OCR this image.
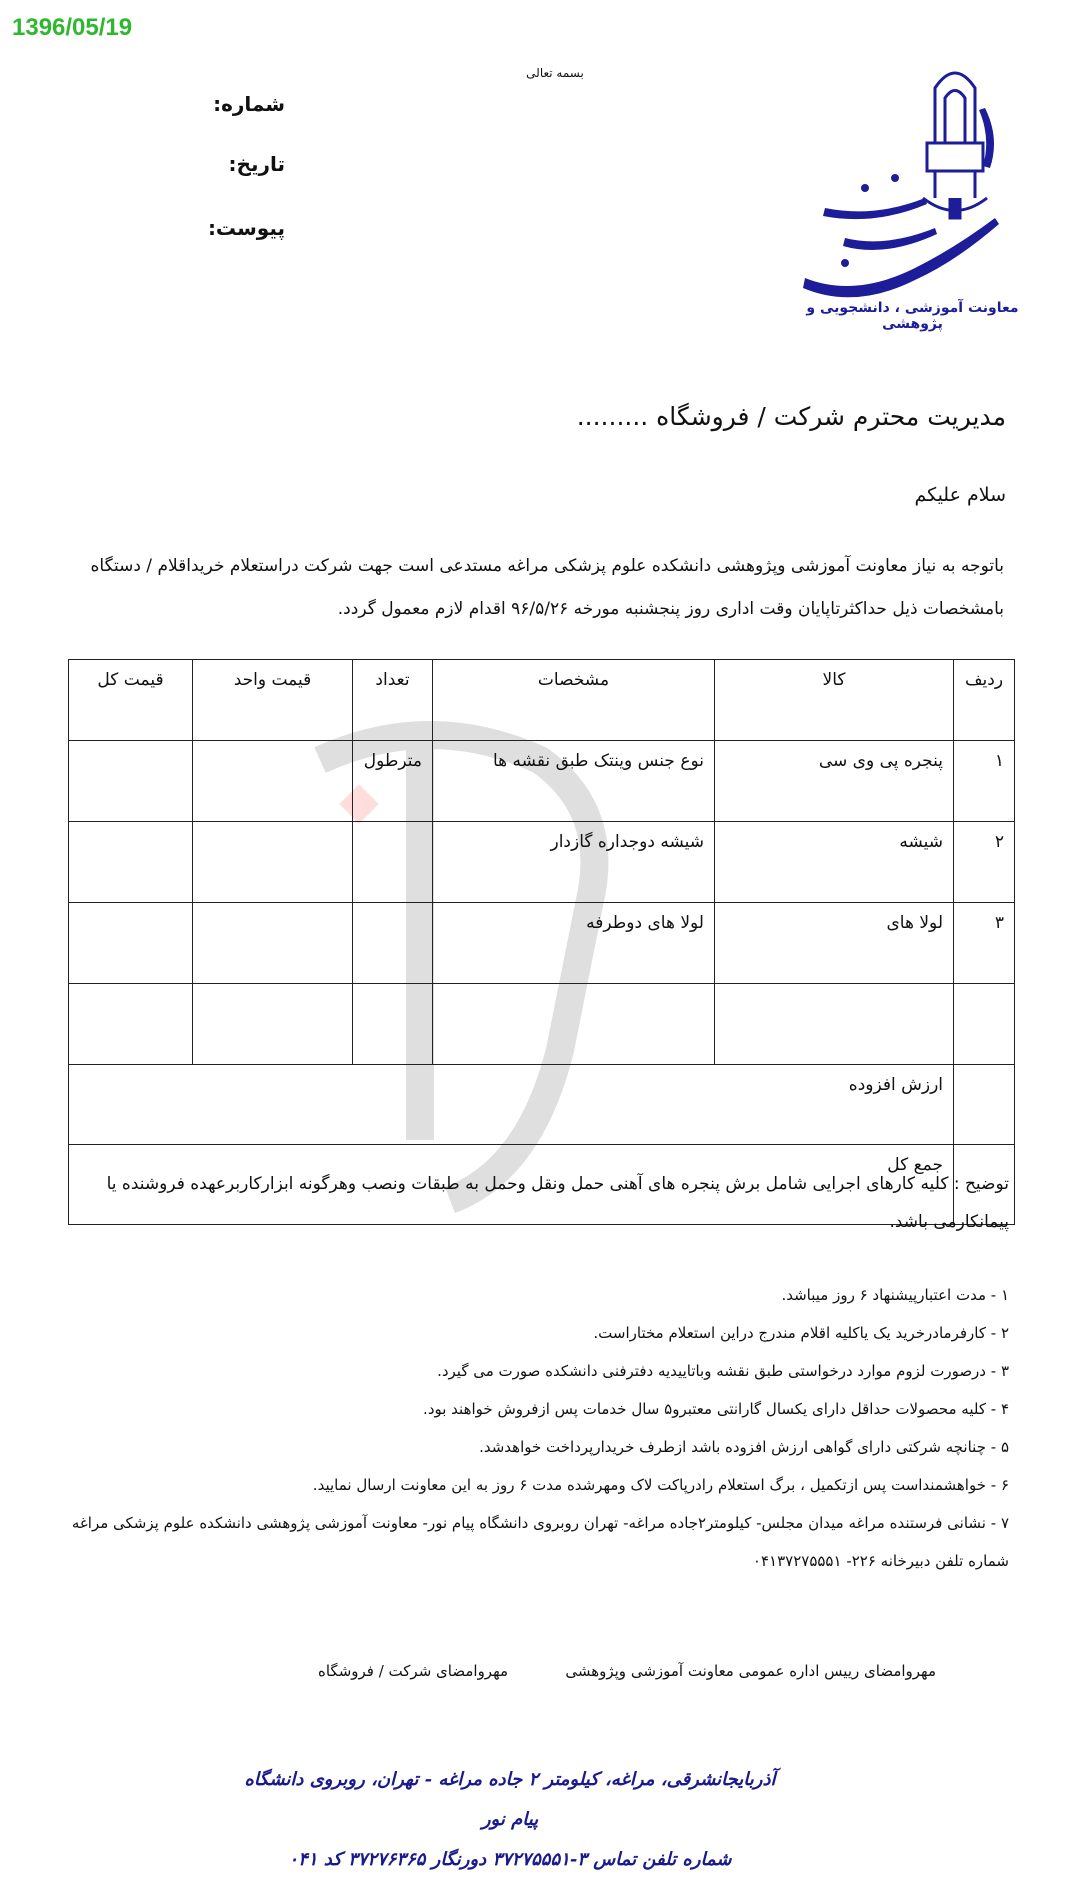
1396/05/19
بسمه تعالی
شماره:
تاریخ:
پیوست:
معاونت آموزشی ، دانشجویی و پژوهشی
مدیریت محترم شرکت / فروشگاه .........
سلام علیکم
باتوجه به نیاز معاونت آموزشی وپژوهشی دانشکده علوم پزشکی مراغه مستدعی است جهت شرکت دراستعلام خریداقلام / دستگاه بامشخصات ذیل حداکثرتاپایان وقت اداری روز پنجشنبه مورخه ۹۶/۵/۲۶ اقدام لازم معمول گردد.
ردیف	کالا	مشخصات	تعداد	قیمت واحد	قیمت کل
۱	پنجره پی وی سی	نوع جنس وینتک طبق نقشه ها	مترطول		
۲	شیشه	شیشه دوجداره گازدار			
۳	لولا های	لولا های دوطرفه			

	ارزش افزوده				
	جمع کل				
توضیح : کلیه کارهای اجرایی شامل برش پنجره های آهنی حمل ونقل وحمل به طبقات ونصب وهرگونه ابزارکاربرعهده فروشنده یا پیمانکارمی باشد.
۱ - مدت اعتبارپیشنهاد ۶ روز میباشد.
۲ - کارفرمادرخرید یک یاکلیه اقلام مندرج دراین استعلام مختاراست.
۳ - درصورت لزوم موارد درخواستی طبق نقشه وباتاییدیه دفترفنی دانشکده صورت می گیرد.
۴ - کلیه محصولات حداقل دارای یکسال گارانتی معتبرو۵ سال خدمات پس ازفروش خواهند بود.
۵ - چنانچه شرکتی دارای گواهی ارزش افزوده باشد ازطرف خریدارپرداخت خواهدشد.
۶ - خواهشمنداست پس ازتکمیل ، برگ استعلام رادرپاکت لاک ومهرشده مدت ۶ روز به این معاونت ارسال نمایید.
۷ - نشانی فرستنده مراغه میدان مجلس- کیلومتر۲جاده مراغه- تهران روبروی دانشگاه پیام نور- معاونت آموزشی پژوهشی دانشکده علوم پزشکی مراغه شماره تلفن دبیرخانه ۲۲۶- ۰۴۱۳۷۲۷۵۵۵۱
مهروامضای رییس اداره عمومی معاونت آموزشی وپژوهشی
مهروامضای شرکت / فروشگاه
آذربایجانشرقی، مراغه، کیلومتر ۲ جاده مراغه - تهران، روبروی دانشگاه پیام نور
شماره تلفن تماس ۳-۳۷۲۷۵۵۵۱ دورنگار ۳۷۲۷۶۳۶۵ کد ۰۴۱
